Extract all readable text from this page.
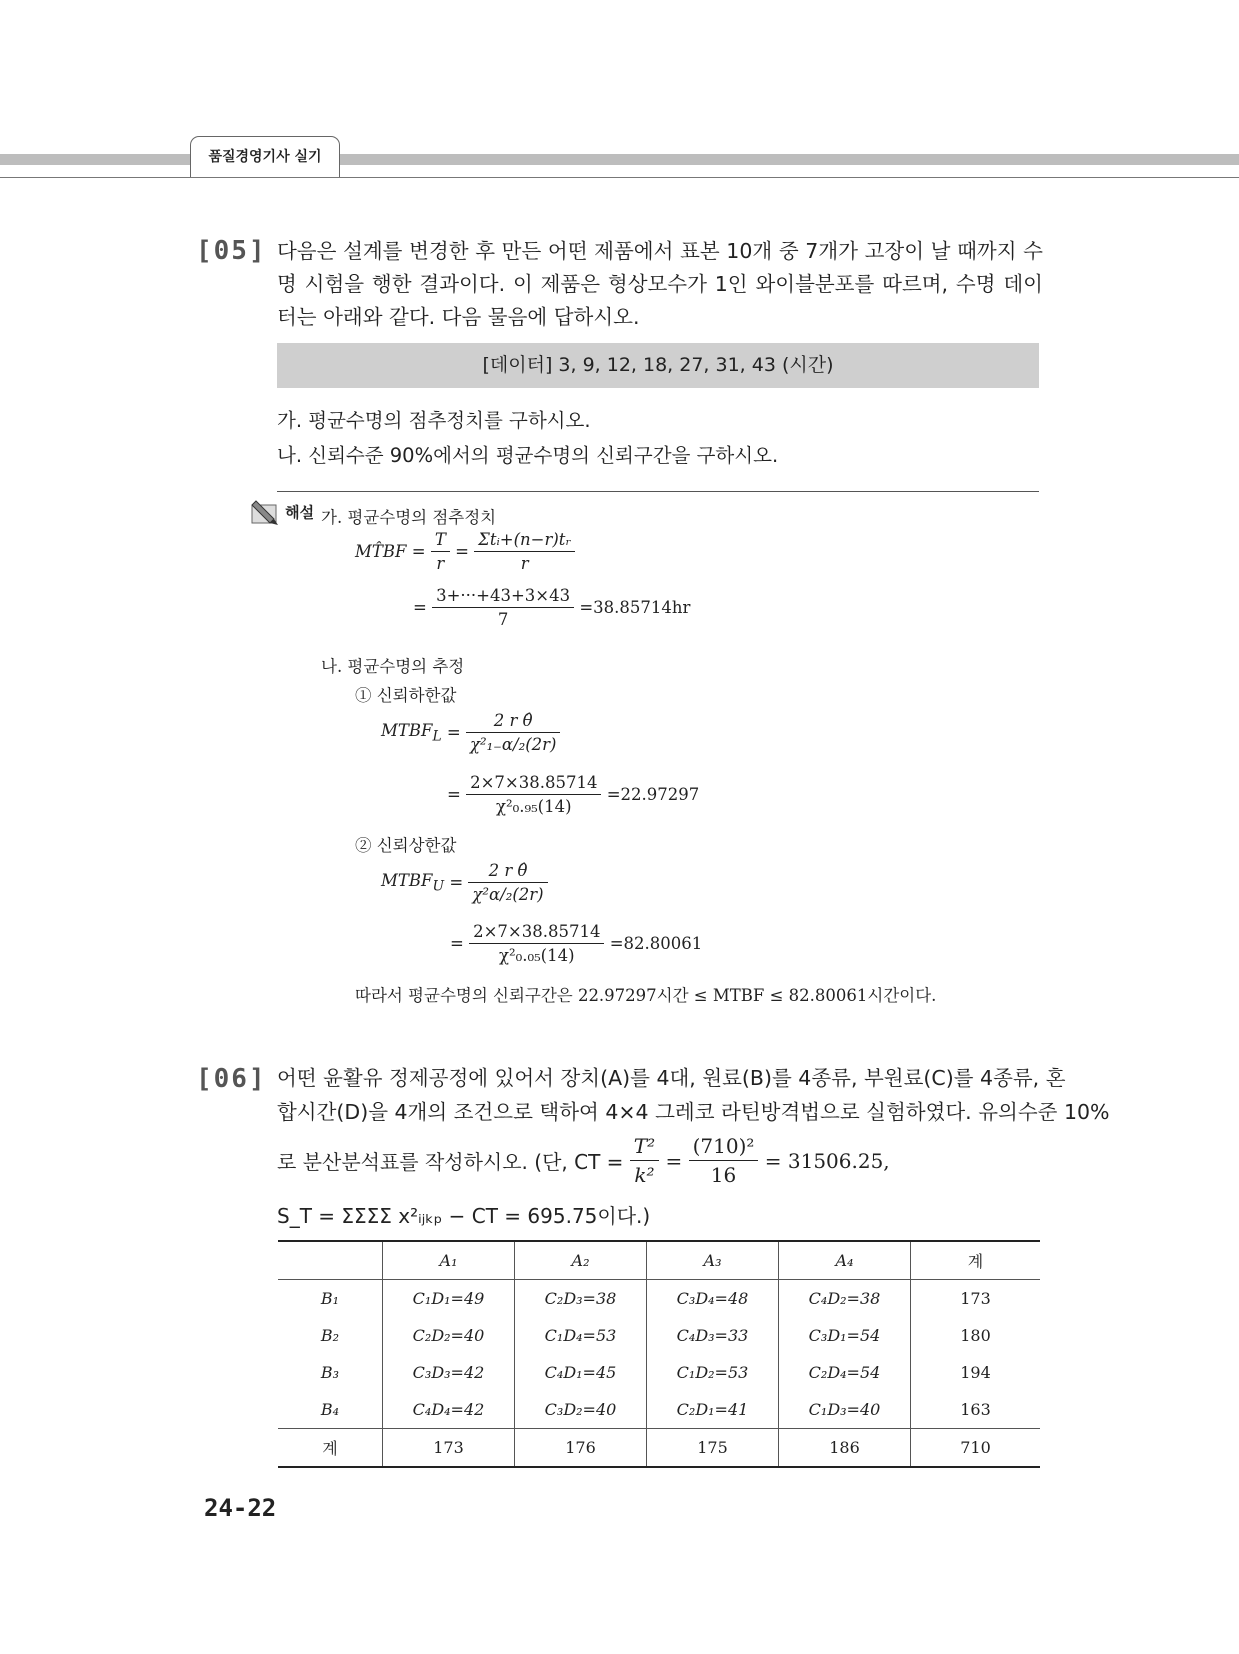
품질경영기사 실기
[05] 다음은 설계를 변경한 후 만든 어떤 제품에서 표본 10개 중 7개가 고장이 날 때까지 수명 시험을 행한 결과이다. 이 제품은 형상모수가 1인 와이블분포를 따르며, 수명 데이터는 아래와 같다. 다음 물음에 답하시오.
[데이터] 3, 9, 12, 18, 27, 31, 43 (시간)
가. 평균수명의 점추정치를 구하시오.
나. 신뢰수준 90%에서의 평균수명의 신뢰구간을 구하시오.
해설 가. 평균수명의 점추정치
MT̂BF = $\frac{T}{r} = \frac{\text{Σtᵢ+(n−r)tᵣ}}{r}$
= $\frac{3+\cdot\cdot\cdot+43+3\times 43}{7} =38.85714hr$
나. 평균수명의 추정
① 신뢰하한값
$MTBF_L = \frac{\text{2 r θ̂}}{\text{χ²₁₋α/₂(2r)}}$
= $\frac{2\times 7\times 38.85714}{\text{χ²₀.₉₅(14)}} =22.97297$
② 신뢰상한값
$MTBF_U = \frac{\text{2 r θ̂}}{\text{χ²α/₂(2r)}}$
= $\frac{2\times 7\times 38.85714}{\text{χ²₀.₀₅(14)}} =82.80061$
따라서 평균수명의 신뢰구간은 22.97297시간 ≤ MTBF ≤ 82.80061시간이다.
[06] 어떤 윤활유 정제공정에 있어서 장치(A)를 4대, 원료(B)를 4종류, 부원료(C)를 4종류, 혼
합시간(D)을 4개의 조건으로 택하여 4×4 그레코 라틴방격법으로 실험하였다. 유의수준 10%
로 분산분석표를 작성하시오. (단, CT = $\frac{\text{T²}}{\text{k²}} = \frac{\text{(710)²}}{16} = 31506.25$,
S_T = ΣΣΣΣ x²ᵢⱼₖₚ − CT = 695.75이다.)
	A₁	A₂	A₃	A₄	계
B₁	C₁D₁=49	C₂D₃=38	C₃D₄=48	C₄D₂=38	173
B₂	C₂D₂=40	C₁D₄=53	C₄D₃=33	C₃D₁=54	180
B₃	C₃D₃=42	C₄D₁=45	C₁D₂=53	C₂D₄=54	194
B₄	C₄D₄=42	C₃D₂=40	C₂D₁=41	C₁D₃=40	163
계	173	176	175	186	710
24-22
